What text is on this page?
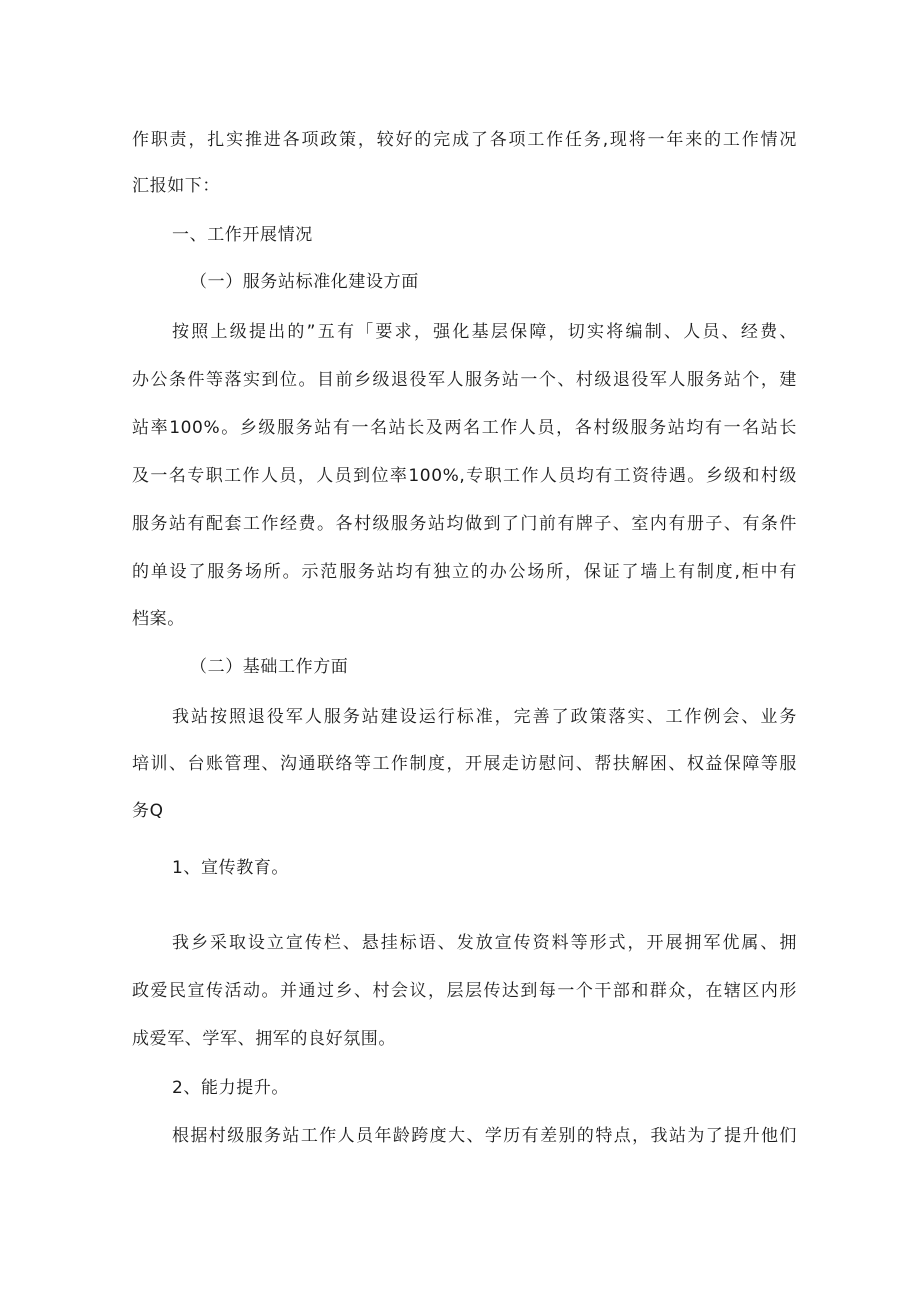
作职责，扎实推进各项政策，较好的完成了各项工作任务,现将一年来的工作情况
汇报如下：
一、工作开展情况
（一）服务站标准化建设方面
按照上级提出的”五有「要求，强化基层保障，切实将编制、人员、经费、
办公条件等落实到位。目前乡级退役军人服务站一个、村级退役军人服务站个，建
站率100%。乡级服务站有一名站长及两名工作人员，各村级服务站均有一名站长
及一名专职工作人员，人员到位率100%,专职工作人员均有工资待遇。乡级和村级
服务站有配套工作经费。各村级服务站均做到了门前有牌子、室内有册子、有条件
的单设了服务场所。示范服务站均有独立的办公场所，保证了墙上有制度,柜中有
档案。
（二）基础工作方面
我站按照退役军人服务站建设运行标准，完善了政策落实、工作例会、业务
培训、台账管理、沟通联络等工作制度，开展走访慰问、帮扶解困、权益保障等服
务Q
1、宣传教育。
我乡采取设立宣传栏、悬挂标语、发放宣传资料等形式，开展拥军优属、拥
政爱民宣传活动。并通过乡、村会议，层层传达到每一个干部和群众，在辖区内形
成爱军、学军、拥军的良好氛围。
2、能力提升。
根据村级服务站工作人员年龄跨度大、学历有差别的特点，我站为了提升他们
